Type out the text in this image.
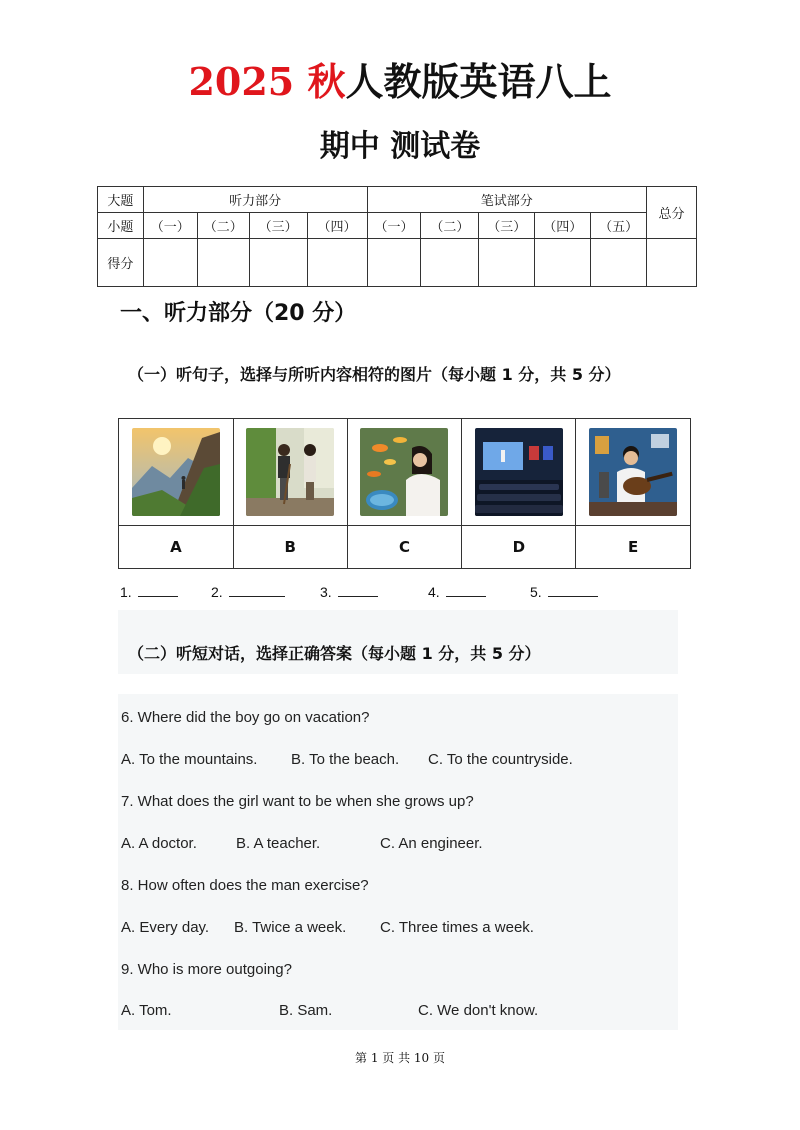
2025 秋人教版英语八上
期中 测试卷
大题	听力部分				笔试部分					总分
小题	（一）	（二）	（三）	（四）	（一）	（二）	（三）	（四）	（五）	
得分										
一、听力部分（20 分）
（一）听句子，选择与所听内容相符的图片（每小题 1 分，共 5 分）

A	B	C	D	E
1.	2.	3.	4.	5.
（二）听短对话，选择正确答案（每小题 1 分，共 5 分）
6. Where did the boy go on vacation?
A. To the mountains. B. To the beach. C. To the countryside.
7. What does the girl want to be when she grows up?
A. A doctor.	B. A teacher.	C. An engineer.
8. How often does the man exercise?
A. Every day. B. Twice a week. C. Three times a week.
9. Who is more outgoing?
A. Tom.	B. Sam.	C. We don't know.
第 1 页 共 10 页
